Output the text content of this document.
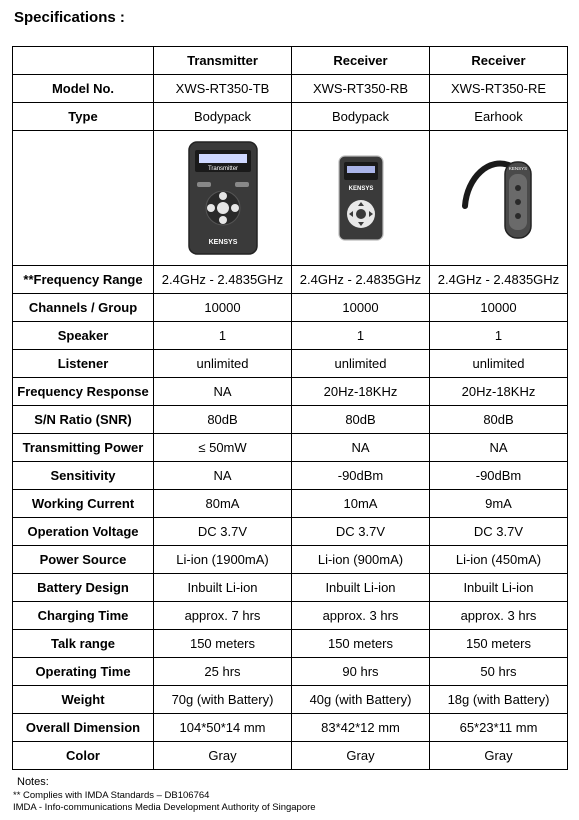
Specifications :
	Transmitter	Receiver	Receiver
Model No.	XWS-RT350-TB	XWS-RT350-RB	XWS-RT350-RE
Type	Bodypack	Bodypack	Earhook

Transmitter
KENSYS	KENSYS	KENSYS

**Frequency Range	2.4GHz - 2.4835GHz	2.4GHz - 2.4835GHz	2.4GHz - 2.4835GHz
Channels / Group	10000	10000	10000
Speaker	1	1	1
Listener	unlimited	unlimited	unlimited
Frequency Response	NA	20Hz-18KHz	20Hz-18KHz
S/N Ratio (SNR)	80dB	80dB	80dB
Transmitting Power	≤ 50mW	NA	NA
Sensitivity	NA	-90dBm	-90dBm
Working Current	80mA	10mA	9mA
Operation Voltage	DC 3.7V	DC 3.7V	DC 3.7V
Power Source	Li-ion (1900mA)	Li-ion (900mA)	Li-ion (450mA)
Battery Design	Inbuilt Li-ion	Inbuilt Li-ion	Inbuilt Li-ion
Charging Time	approx. 7 hrs	approx. 3 hrs	approx. 3 hrs
Talk range	150 meters	150 meters	150 meters
Operating Time	25 hrs	90 hrs	50 hrs
Weight	70g (with Battery)	40g (with Battery)	18g (with Battery)
Overall Dimension	104*50*14 mm	83*42*12 mm	65*23*11 mm
Color	Gray	Gray	Gray
Notes:
** Complies with IMDA Standards – DB106764
IMDA - Info-communications Media Development Authority of Singapore
